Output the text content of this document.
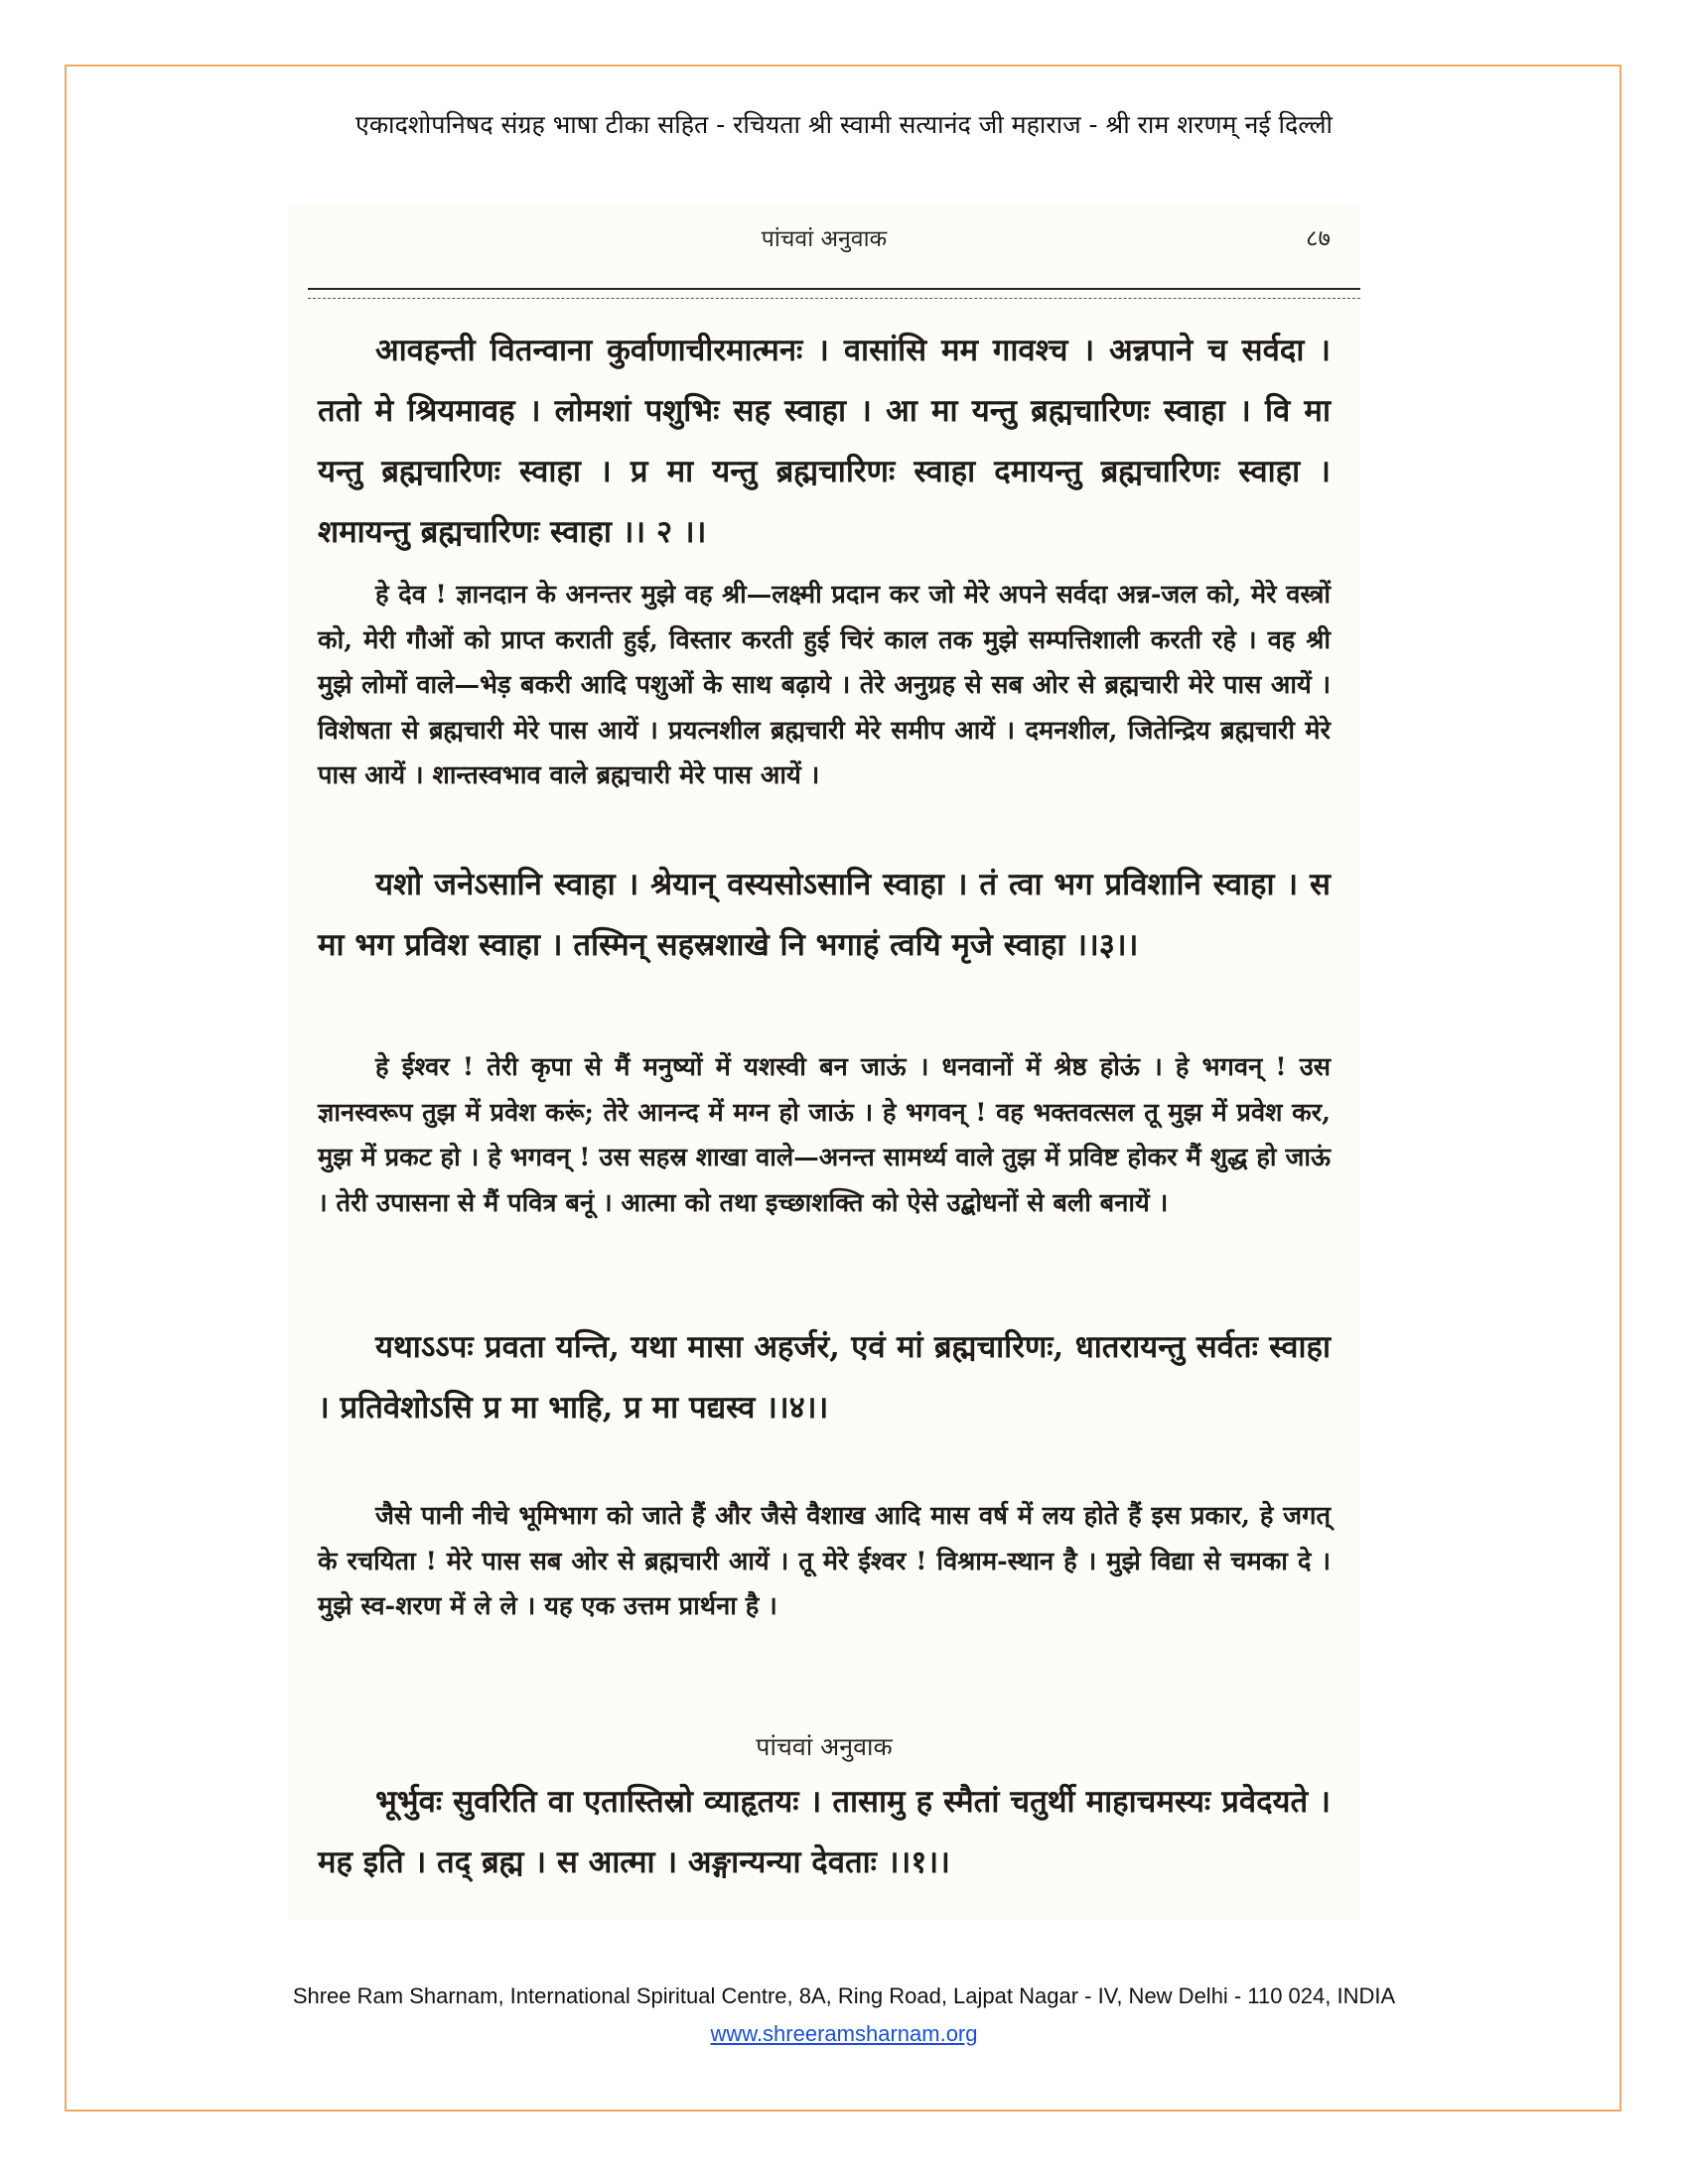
एकादशोपनिषद संग्रह भाषा टीका सहित - रचियता श्री स्वामी सत्यानंद जी महाराज - श्री राम शरणम् नई दिल्ली
पांचवां अनुवाक	८७

आवहन्ती वितन्वाना कुर्वाणाचीरमात्मनः । वासांसि मम गावश्च । अन्नपाने च सर्वदा । ततो मे श्रियमावह । लोमशां पशुभिः सह स्वाहा । आ मा यन्तु ब्रह्मचारिणः स्वाहा । वि मा यन्तु ब्रह्मचारिणः स्वाहा । प्र मा यन्तु ब्रह्मचारिणः स्वाहा दमायन्तु ब्रह्मचारिणः स्वाहा । शमायन्तु ब्रह्मचारिणः स्वाहा ।। २ ।।

हे देव ! ज्ञानदान के अनन्तर मुझे वह श्री—लक्ष्मी प्रदान कर जो मेरे अपने सर्वदा अन्न-जल को, मेरे वस्त्रों को, मेरी गौओं को प्राप्त कराती हुई, विस्तार करती हुई चिरं काल तक मुझे सम्पत्तिशाली करती रहे । वह श्री मुझे लोमों वाले—भेड़ बकरी आदि पशुओं के साथ बढ़ाये । तेरे अनुग्रह से सब ओर से ब्रह्मचारी मेरे पास आयें । विशेषता से ब्रह्मचारी मेरे पास आयें । प्रयत्नशील ब्रह्मचारी मेरे समीप आयें । दमनशील, जितेन्द्रिय ब्रह्मचारी मेरे पास आयें । शान्तस्वभाव वाले ब्रह्मचारी मेरे पास आयें ।

यशो जनेऽसानि स्वाहा । श्रेयान् वस्यसोऽसानि स्वाहा । तं त्वा भग प्रविशानि स्वाहा । स मा भग प्रविश स्वाहा । तस्मिन् सहस्रशाखे नि भगाहं त्वयि मृजे स्वाहा ।।३।।

हे ईश्वर ! तेरी कृपा से मैं मनुष्यों में यशस्वी बन जाऊं । धनवानों में श्रेष्ठ होऊं । हे भगवन् ! उस ज्ञानस्वरूप तुझ में प्रवेश करूं; तेरे आनन्द में मग्न हो जाऊं । हे भगवन् ! वह भक्तवत्सल तू मुझ में प्रवेश कर, मुझ में प्रकट हो । हे भगवन् ! उस सहस्र शाखा वाले—अनन्त सामर्थ्य वाले तुझ में प्रविष्ट होकर मैं शुद्ध हो जाऊं । तेरी उपासना से मैं पवित्र बनूं । आत्मा को तथा इच्छाशक्ति को ऐसे उद्बोधनों से बली बनायें ।

यथाऽऽपः प्रवता यन्ति, यथा मासा अहर्जरं, एवं मां ब्रह्मचारिणः, धातरायन्तु सर्वतः स्वाहा । प्रतिवेशोऽसि प्र मा भाहि, प्र मा पद्यस्व ।।४।।

जैसे पानी नीचे भूमिभाग को जाते हैं और जैसे वैशाख आदि मास वर्ष में लय होते हैं इस प्रकार, हे जगत् के रचयिता ! मेरे पास सब ओर से ब्रह्मचारी आयें । तू मेरे ईश्वर ! विश्राम-स्थान है । मुझे विद्या से चमका दे । मुझे स्व-शरण में ले ले । यह एक उत्तम प्रार्थना है ।

पांचवां अनुवाक

भूर्भुवः सुवरिति वा एतास्तिस्रो व्याहृतयः । तासामु ह स्मैतां चतुर्थी माहाचमस्यः प्रवेदयते । मह इति । तद् ब्रह्म । स आत्मा । अङ्गान्यन्या देवताः ।।१।।

Shree Ram Sharnam, International Spiritual Centre, 8A, Ring Road, Lajpat Nagar - IV, New Delhi - 110 024, INDIA
www.shreeramsharnam.org
